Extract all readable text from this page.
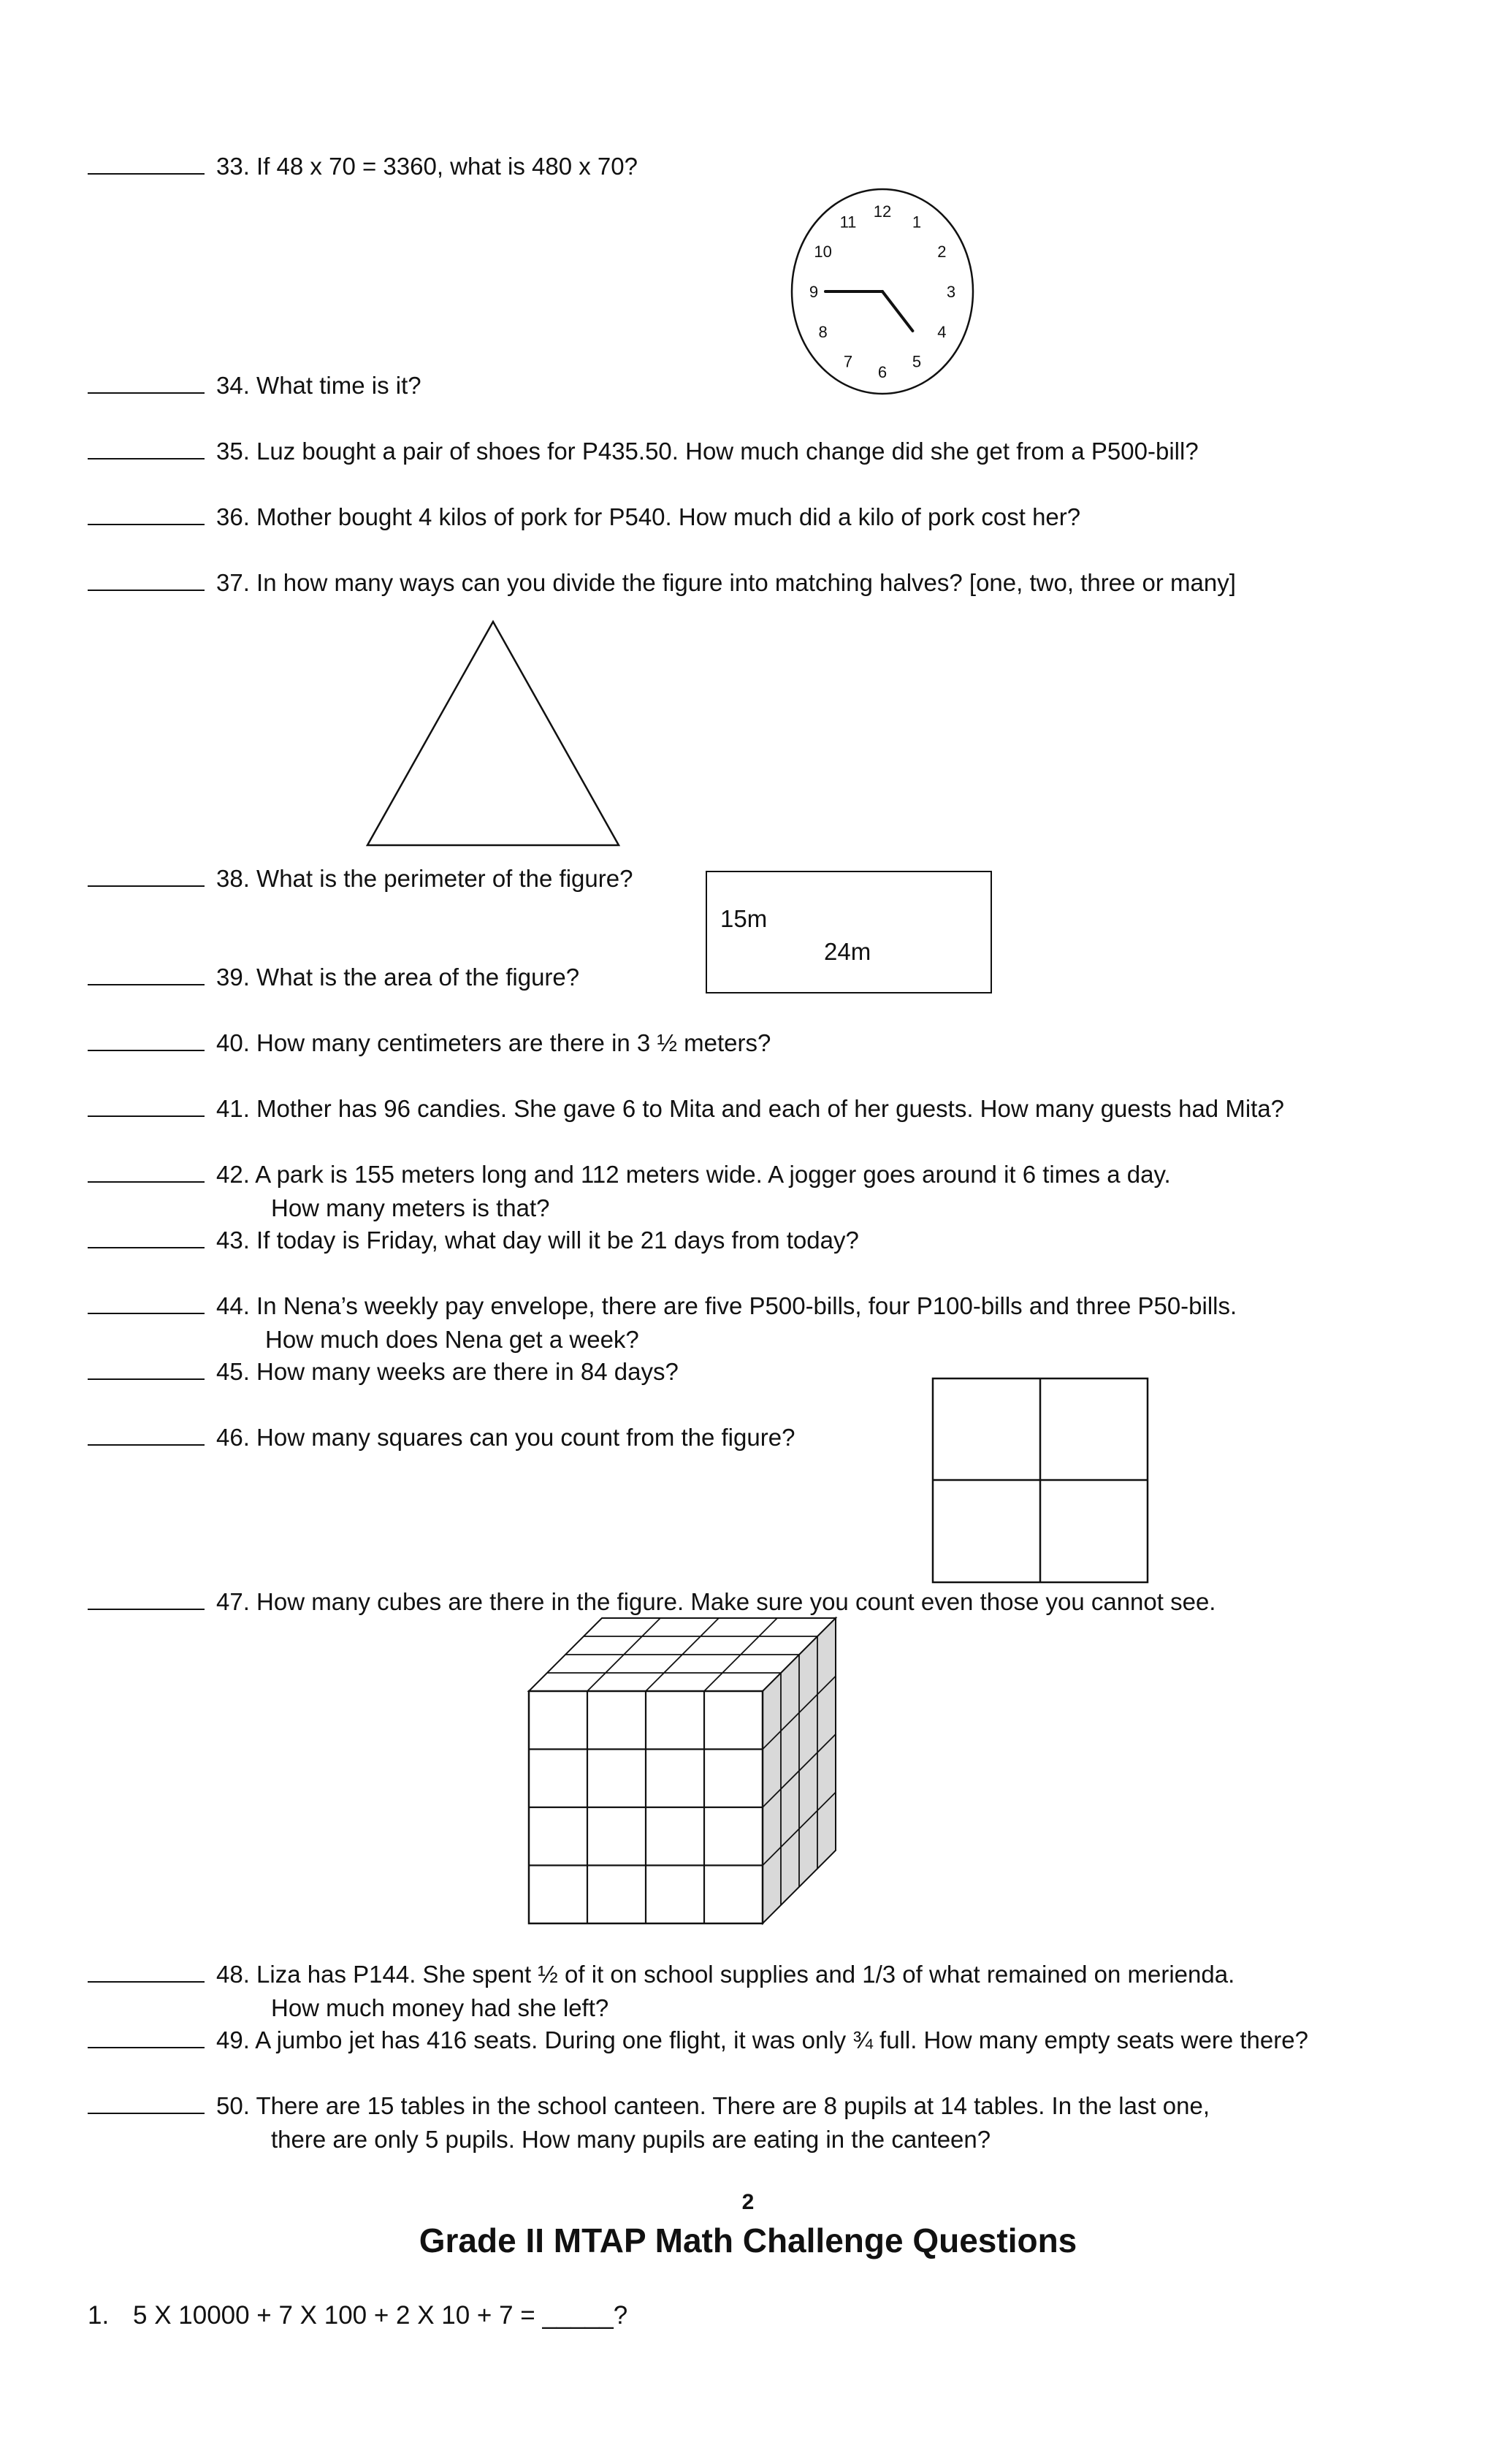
33. If 48 x 70 = 3360, what is 480 x 70?
12
1
2
3
4
5
6
7
8
9
10
11
34. What time is it?
35. Luz bought a pair of shoes for P435.50. How much change did she get from a P500-bill?
36. Mother bought 4 kilos of pork for P540. How much did a kilo of pork cost her?
37. In how many ways can you divide the figure into matching halves? [one, two, three or many]
38. What is the perimeter of the figure?
15m
24m
39. What is the area of the figure?
40. How many centimeters are there in 3 ½ meters?
41. Mother has 96 candies. She gave 6 to Mita and each of her guests. How many guests had Mita?
42. A park is 155 meters long and 112 meters wide. A jogger goes around it 6 times a day.
How many meters is that?
43. If today is Friday, what day will it be 21 days from today?
44. In Nena’s weekly pay envelope, there are five P500-bills, four P100-bills and three P50-bills.
How much does Nena get a week?
45. How many weeks are there in 84 days?
46. How many squares can you count from the figure?
47. How many cubes are there in the figure. Make sure you count even those you cannot see.
48. Liza has P144. She spent ½ of it on school supplies and 1/3 of what remained on merienda.
How much money had she left?
49. A jumbo jet has 416 seats. During one flight, it was only ¾ full. How many empty seats were there?
50. There are 15 tables in the school canteen. There are 8 pupils at 14 tables. In the last one,
there are only 5 pupils. How many pupils are eating in the canteen?
2
Grade II MTAP Math Challenge Questions
1. 5 X 10000 + 7 X 100 + 2 X 10 + 7 = _____?
